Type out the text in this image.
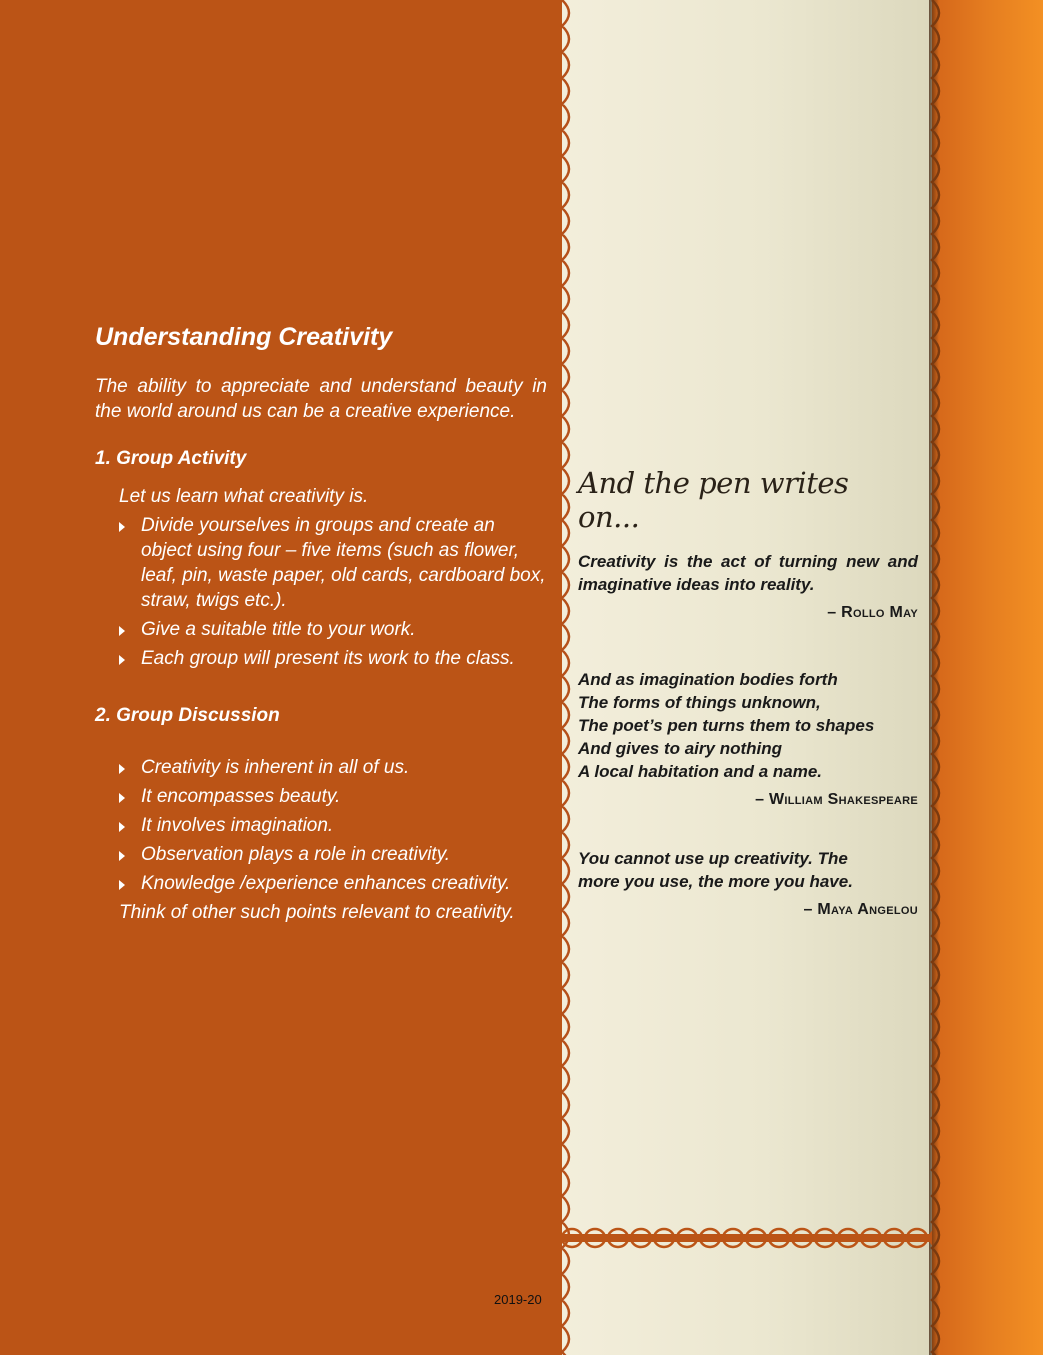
Understanding Creativity

The ability to appreciate and understand beauty in the world around us can be a creative experience.

1. Group Activity
Let us learn what creativity is.
Divide yourselves in groups and create an object using four – five items (such as flower, leaf, pin, waste paper, old cards, cardboard box, straw, twigs etc.).
Give a suitable title to your work.
Each group will present its work to the class.
2. Group Discussion
Creativity is inherent in all of us.
It encompasses beauty.
It involves imagination.
Observation plays a role in creativity.
Knowledge /experience enhances creativity.
Think of other such points relevant to creativity.
2019-20
And the pen writes on...

Creativity is the act of turning new and imaginative ideas into reality.

– Rollo May

And as imagination bodies forth

The forms of things unknown,

The poet’s pen turns them to shapes

And gives to airy nothing

A local habitation and a name.

– William Shakespeare

You cannot use up creativity. The

more you use, the more you have.

– Maya Angelou
